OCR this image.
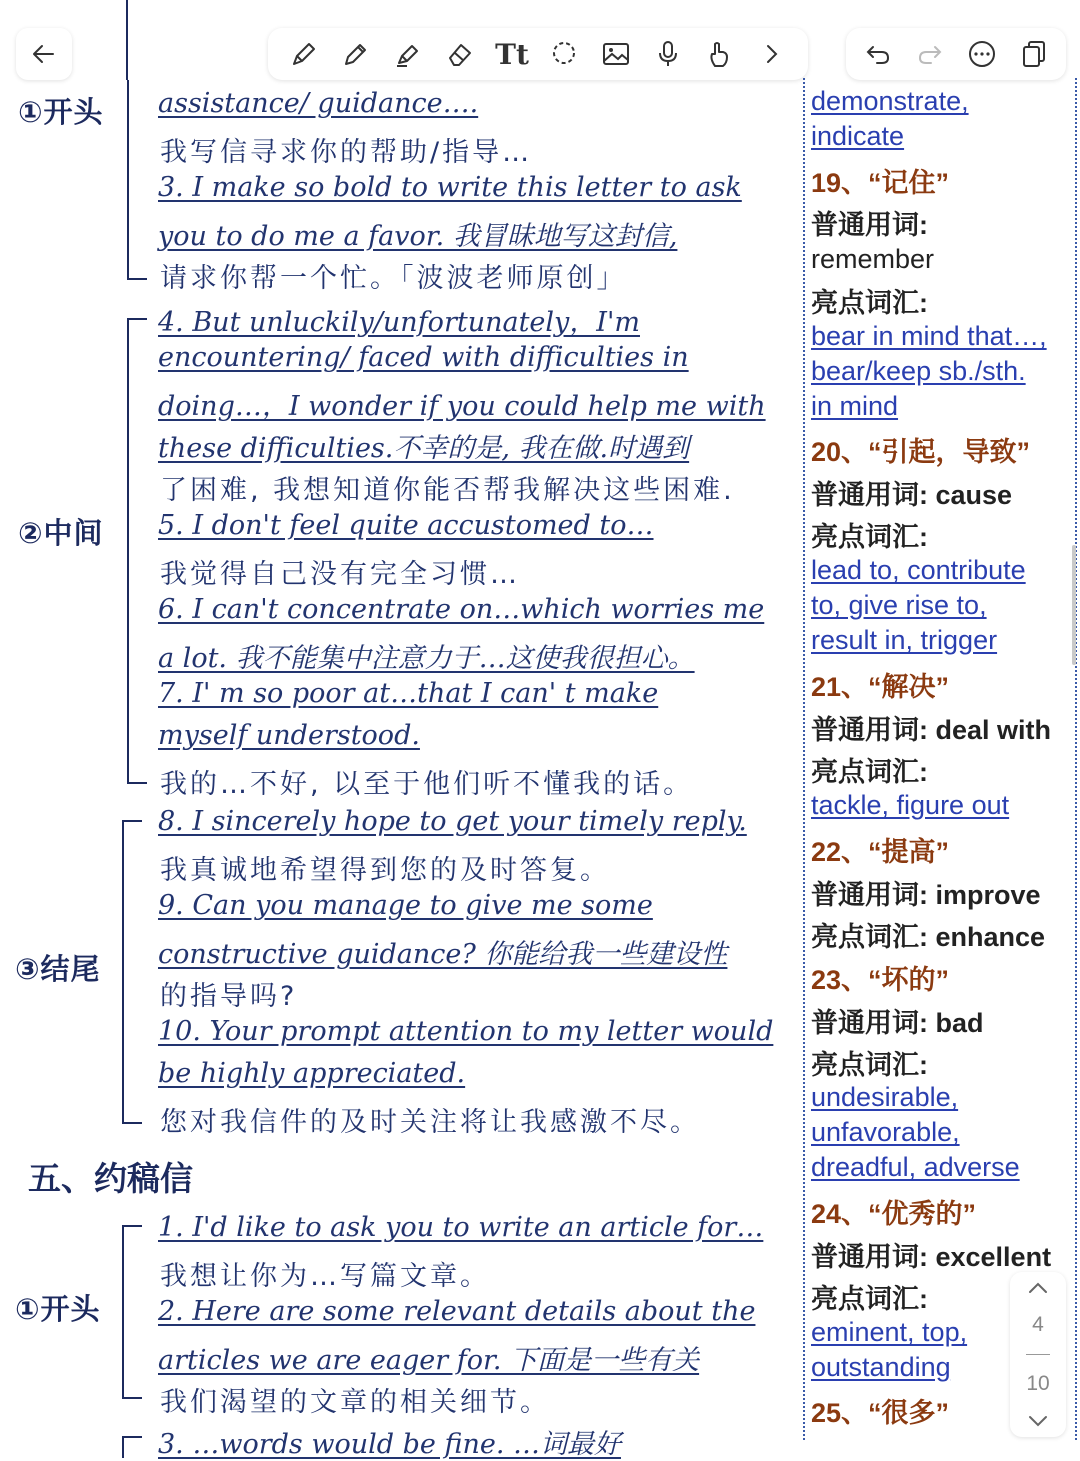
Tt
①开头
②中间
③结尾
①开头
assistance/ guidance….
我写信寻求你的帮助/指导…
3. I make so bold to write this letter to ask
you to do me a favor. 我冒昧地写这封信,
请求你帮一个忙。「波波老师原创」
4. But unluckily/unfortunately，I'm
encountering/ faced with difficulties in
doing…，I wonder if you could help me with
these difficulties.不幸的是, 我在做.时遇到
了困难, 我想知道你能否帮我解决这些困难.
5. I don't feel quite accustomed to…
我觉得自己没有完全习惯…
6. I can't concentrate on…which worries me
a lot. 我不能集中注意力于…这使我很担心。
7. I' m so poor at…that I can' t make
myself understood.
我的…不好, 以至于他们听不懂我的话。
8. I sincerely hope to get your timely reply.
我真诚地希望得到您的及时答复。
9. Can you manage to give me some
constructive guidance? 你能给我一些建设性
的指导吗?
10. Your prompt attention to my letter would
be highly appreciated.
您对我信件的及时关注将让我感激不尽。
五、约稿信
1. I'd like to ask you to write an article for…
我想让你为…写篇文章。
2. Here are some relevant details about the
articles we are eager for. 下面是一些有关
我们渴望的文章的相关细节。
3. …words would be fine. …词最好
demonstrate,
indicate
19、“记住”
普通用词:
remember
亮点词汇:
bear in mind that…,
bear/keep sb./sth.
in mind
20、“引起，导致”
普通用词: cause
亮点词汇:
lead to, contribute
to, give rise to,
result in, trigger
21、“解决”
普通用词: deal with
亮点词汇:
tackle, figure out
22、“提高”
普通用词: improve
亮点词汇: enhance
23、“坏的”
普通用词: bad
亮点词汇:
undesirable,
unfavorable,
dreadful, adverse
24、“优秀的”
普通用词: excellent
亮点词汇:
eminent, top,
outstanding
25、“很多”
4
10
